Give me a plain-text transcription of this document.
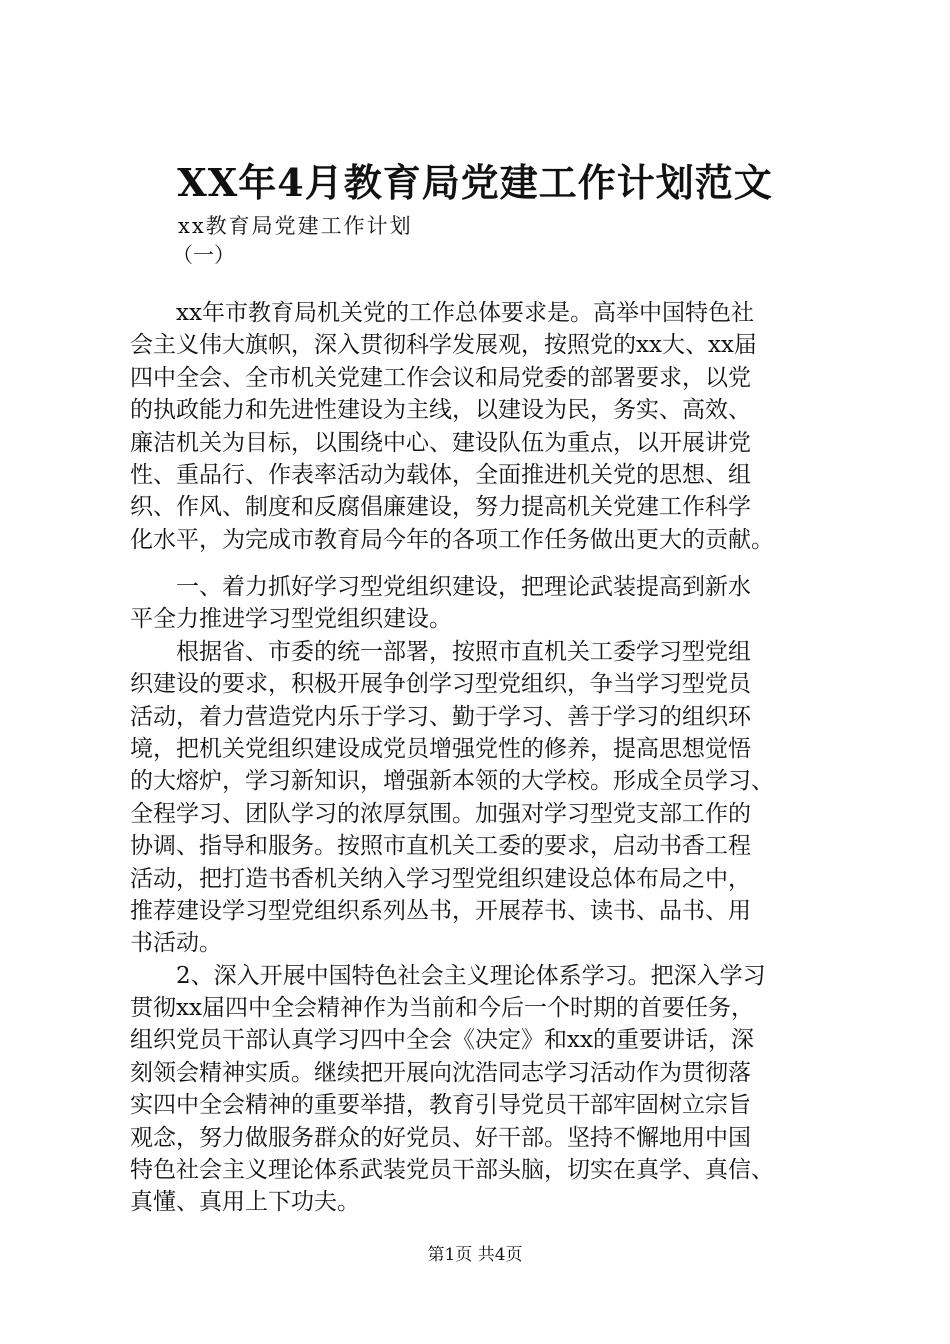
XX年4月教育局党建工作计划范文
xx教育局党建工作计划
（一）
　　xx年市教育局机关党的工作总体要求是。高举中国特色社
会主义伟大旗帜，深入贯彻科学发展观，按照党的xx大、xx届
四中全会、全市机关党建工作会议和局党委的部署要求，以党
的执政能力和先进性建设为主线，以建设为民，务实、高效、
廉洁机关为目标，以围绕中心、建设队伍为重点，以开展讲党
性、重品行、作表率活动为载体，全面推进机关党的思想、组
织、作风、制度和反腐倡廉建设，努力提高机关党建工作科学
化水平，为完成市教育局今年的各项工作任务做出更大的贡献。
　　一、着力抓好学习型党组织建设，把理论武装提高到新水
平全力推进学习型党组织建设。
　　根据省、市委的统一部署，按照市直机关工委学习型党组
织建设的要求，积极开展争创学习型党组织，争当学习型党员
活动，着力营造党内乐于学习、勤于学习、善于学习的组织环
境，把机关党组织建设成党员增强党性的修养，提高思想觉悟
的大熔炉，学习新知识，增强新本领的大学校。形成全员学习、
全程学习、团队学习的浓厚氛围。加强对学习型党支部工作的
协调、指导和服务。按照市直机关工委的要求，启动书香工程
活动，把打造书香机关纳入学习型党组织建设总体布局之中，
推荐建设学习型党组织系列丛书，开展荐书、读书、品书、用
书活动。
　　2、深入开展中国特色社会主义理论体系学习。把深入学习
贯彻xx届四中全会精神作为当前和今后一个时期的首要任务，
组织党员干部认真学习四中全会《决定》和xx的重要讲话，深
刻领会精神实质。继续把开展向沈浩同志学习活动作为贯彻落
实四中全会精神的重要举措，教育引导党员干部牢固树立宗旨
观念，努力做服务群众的好党员、好干部。坚持不懈地用中国
特色社会主义理论体系武装党员干部头脑，切实在真学、真信、
真懂、真用上下功夫。
第1页 共4页
